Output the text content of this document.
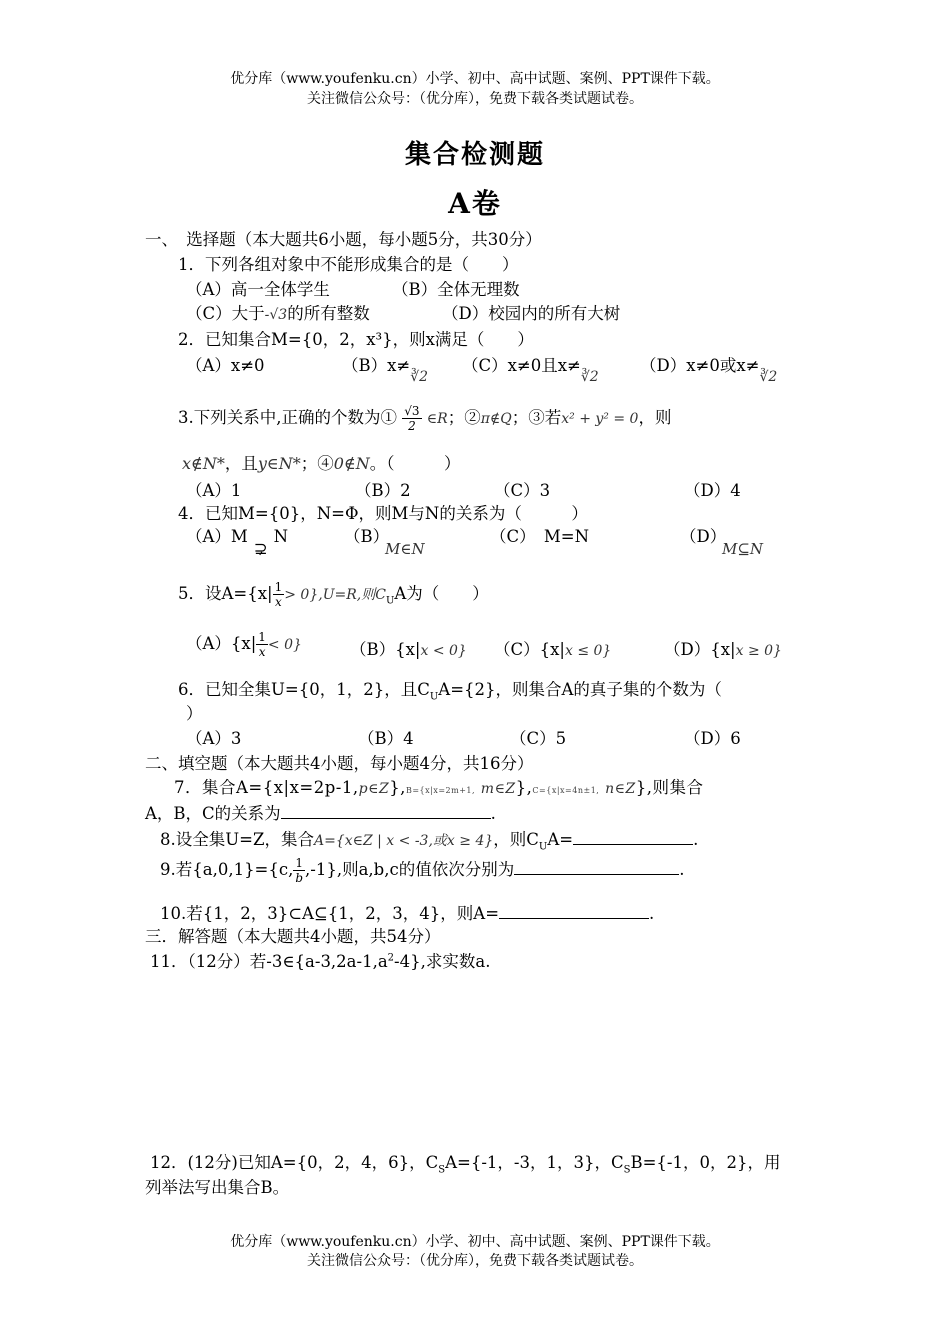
优分库（www.youfenku.cn）小学、初中、高中试题、案例、PPT课件下载。
关注微信公众号：（优分库），免费下载各类试题试卷。
集合检测题
A卷
一、　选择题（本大题共6小题，每小题5分，共30分）
1．下列各组对象中不能形成集合的是（　　）
（A）高一全体学生	（B）全体无理数
（C）大于-√3的所有整数	（D）校园内的所有大树
2．已知集合M={0，2，x³}，则x满足（　　）
（A）x≠0	$(B)x\ne_{∛2}$
（C）x≠0且$x\ne_{∛2}$
（D）x≠0或$x\ne_{∛2}$
3.下列关系中,正确的个数为① $\frac{√3}{2}$ ∈R；②π∉Q；③若x² + y² = 0，则
x∉N*，且y∈N*；④0∉N。（　　　）
（A）1	（B）2	（C）3	（D）4
4．已知M={0}，N=Φ，则M与N的关系为（　　　）
（A）M⊋N	（B）
M∈N
（C）　M=N	（D）
M⊆N
5．设$A=\{x| \frac{1}{x} > 0\},U=R$,则$C_UA$为（　　）
$(A)\{x| \frac{1}{x} < 0\}$	（B）{x|x < 0} （C）{x|x ≤ 0}	（D）{x|x ≥ 0}
6．已知全集U={0，1，2}，且$C_UA=\{2\}$，则集合A的真子集的个数为（
）
（A）3	（B）4	（C）5	（D）6
二、填空题（本大题共4小题，每小题4分，共16分）
7．集合A={x|x=2p-1,p∈Z},B={x|x=2m+1, m∈Z},C={x|x=4n±1, n∈Z},则集合
A，B，C的关系为	.
8.设全集U=Z，集合A={x∈Z | x < -3,或x ≥ 4}，则$C_UA=$	.
9.若{a,0,1}={c, $\frac{1}{b} ,-1$},则a,b,c的值依次分别为	.
10.若{1，2，3}⊂A⊆{1，2，3，4}，则A=	.
三．解答题（本大题共4小题，共54分）
11．（12分）若$-3\in\{a-3,2a-1,a^2-4\}$,求实数a.
12．(12分)已知A={0，2，4，6}，$C_SA=\{-1$，-3，1，3}，$C_SB=\{-1$，0，2}，用
列举法写出集合B。
优分库（www.youfenku.cn）小学、初中、高中试题、案例、PPT课件下载。
关注微信公众号：（优分库），免费下载各类试题试卷。
